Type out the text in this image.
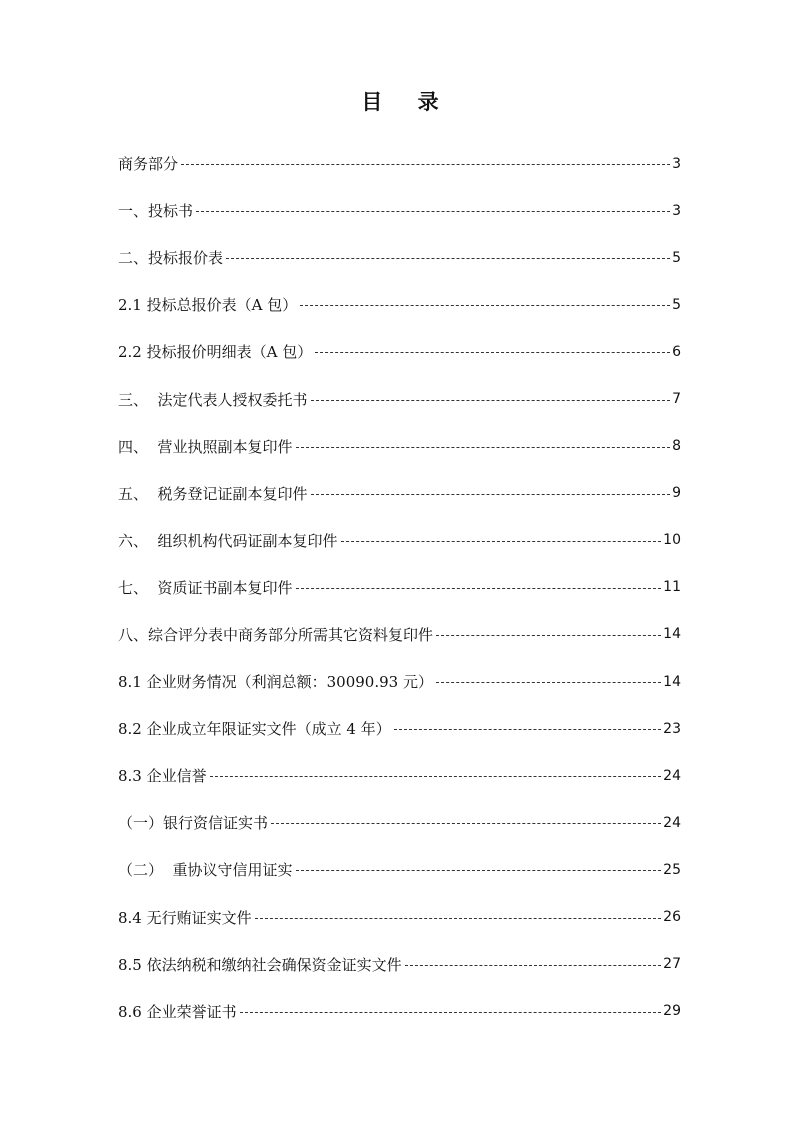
目 录
商务部分	3
一、投标书	3
二、投标报价表	5
2.1 投标总报价表（A 包）	5
2.2 投标报价明细表（A 包）	6
三、  法定代表人授权委托书	7
四、  营业执照副本复印件	8
五、  税务登记证副本复印件	9
六、  组织机构代码证副本复印件	10
七、  资质证书副本复印件	11
八、综合评分表中商务部分所需其它资料复印件	14
8.1 企业财务情况（利润总额：30090.93 元）	14
8.2 企业成立年限证实文件（成立 4 年）	23
8.3 企业信誉	24
（一）银行资信证实书	24
（二）  重协议守信用证实	25
8.4 无行贿证实文件	26
8.5 依法纳税和缴纳社会确保资金证实文件	27
8.6 企业荣誉证书	29
